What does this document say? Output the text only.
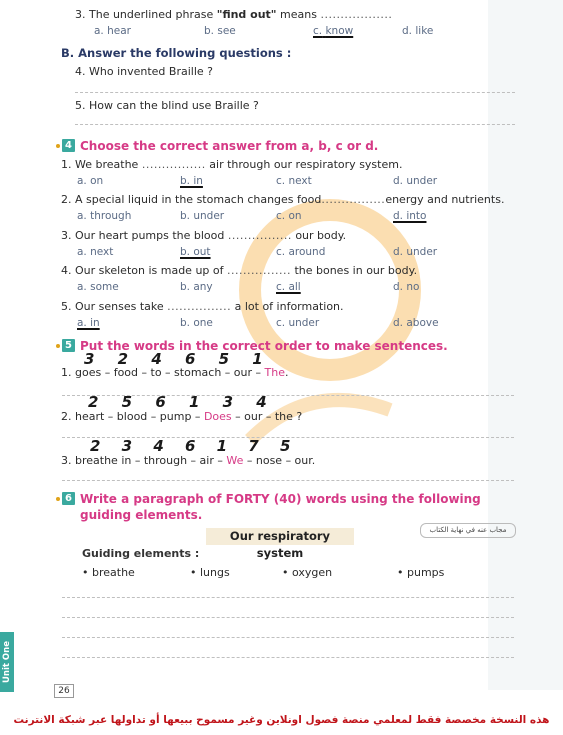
3. The underlined phrase "find out" means ..................
a. hear	b. see	c. know	d. like
B. Answer the following questions :
4. Who invented Braille ?
5. How can the blind use Braille ?
4 Choose the correct answer from a, b, c or d.
1. We breathe ................ air through our respiratory system.
a. on	b. in	c. next	d. under
2. A special liquid in the stomach changes food................energy and nutrients.
a. through	b. under	c. on	d. into
3. Our heart pumps the blood ................ our body.
a. next	b. out	c. around	d. under
4. Our skeleton is made up of ................ the bones in our body.
a. some	b. any	c. all	d. no
5. Our senses take ................ a lot of information.
a. in	b. one	c. under	d. above
5 Put the words in the correct order to make sentences.
3 2 4 6 5 1
1. goes – food – to – stomach – our – The.
2 5 6 1 3 4
2. heart – blood – pump – Does – our – the ?
2 3 4 6 1 7 5
3. breathe in – through – air – We – nose – our.
6 Write a paragraph of FORTY (40) words using the following
guiding elements.
مجاب عنه في نهاية الكتاب
Our respiratory system
Guiding elements :
• breathe	• lungs	• oxygen	• pumps
Unit One
26
هذه النسخة مخصصة فقط لمعلمي منصة فصول اونلاين وغير مسموح ببيعها أو تداولها عبر شبكة الانترنت
